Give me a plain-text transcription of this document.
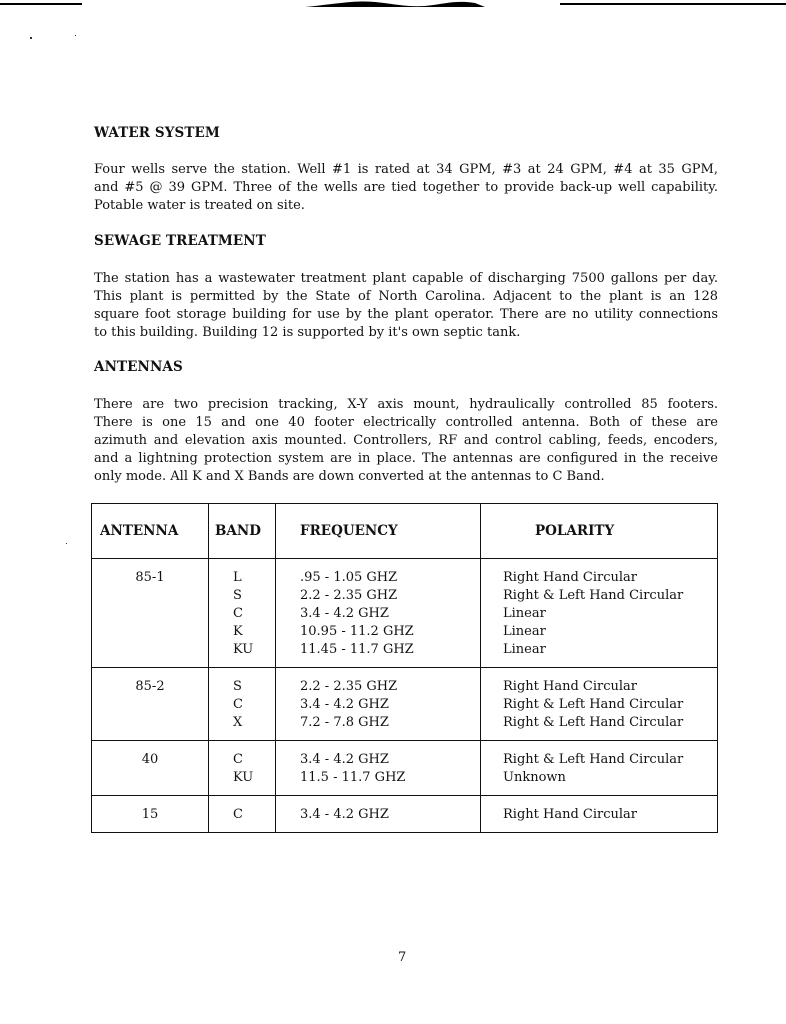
WATER SYSTEM
Four wells serve the station. Well #1 is rated at 34 GPM, #3 at 24 GPM, #4 at 35 GPM,
and #5 @ 39 GPM. Three of the wells are tied together to provide back-up well capability.
Potable water is treated on site.
SEWAGE TREATMENT
The station has a wastewater treatment plant capable of discharging 7500 gallons per day.
This plant is permitted by the State of North Carolina. Adjacent to the plant is an 128
square foot storage building for use by the plant operator. There are no utility connections
to this building. Building 12 is supported by it's own septic tank.
ANTENNAS
There are two precision tracking, X-Y axis mount, hydraulically controlled 85 footers.
There is one 15 and one 40 footer electrically controlled antenna. Both of these are
azimuth and elevation axis mounted. Controllers, RF and control cabling, feeds, encoders,
and a lightning protection system are in place. The antennas are configured in the receive
only mode. All K and X Bands are down converted at the antennas to C Band.
ANTENNA	BAND	FREQUENCY	POLARITY

85-1	L
S
C
K
KU	.95 - 1.05 GHZ
2.2 - 2.35 GHZ
3.4 - 4.2 GHZ
10.95 - 11.2 GHZ
11.45 - 11.7 GHZ	Right Hand Circular
Right & Left Hand Circular
Linear
Linear
Linear

85-2	S
C
X	2.2 - 2.35 GHZ
3.4 - 4.2 GHZ
7.2 - 7.8 GHZ	Right Hand Circular
Right & Left Hand Circular
Right & Left Hand Circular

40	C
KU	3.4 - 4.2 GHZ
11.5 - 11.7 GHZ	Right & Left Hand Circular
Unknown

15	C	3.4 - 4.2 GHZ	Right Hand Circular
7
